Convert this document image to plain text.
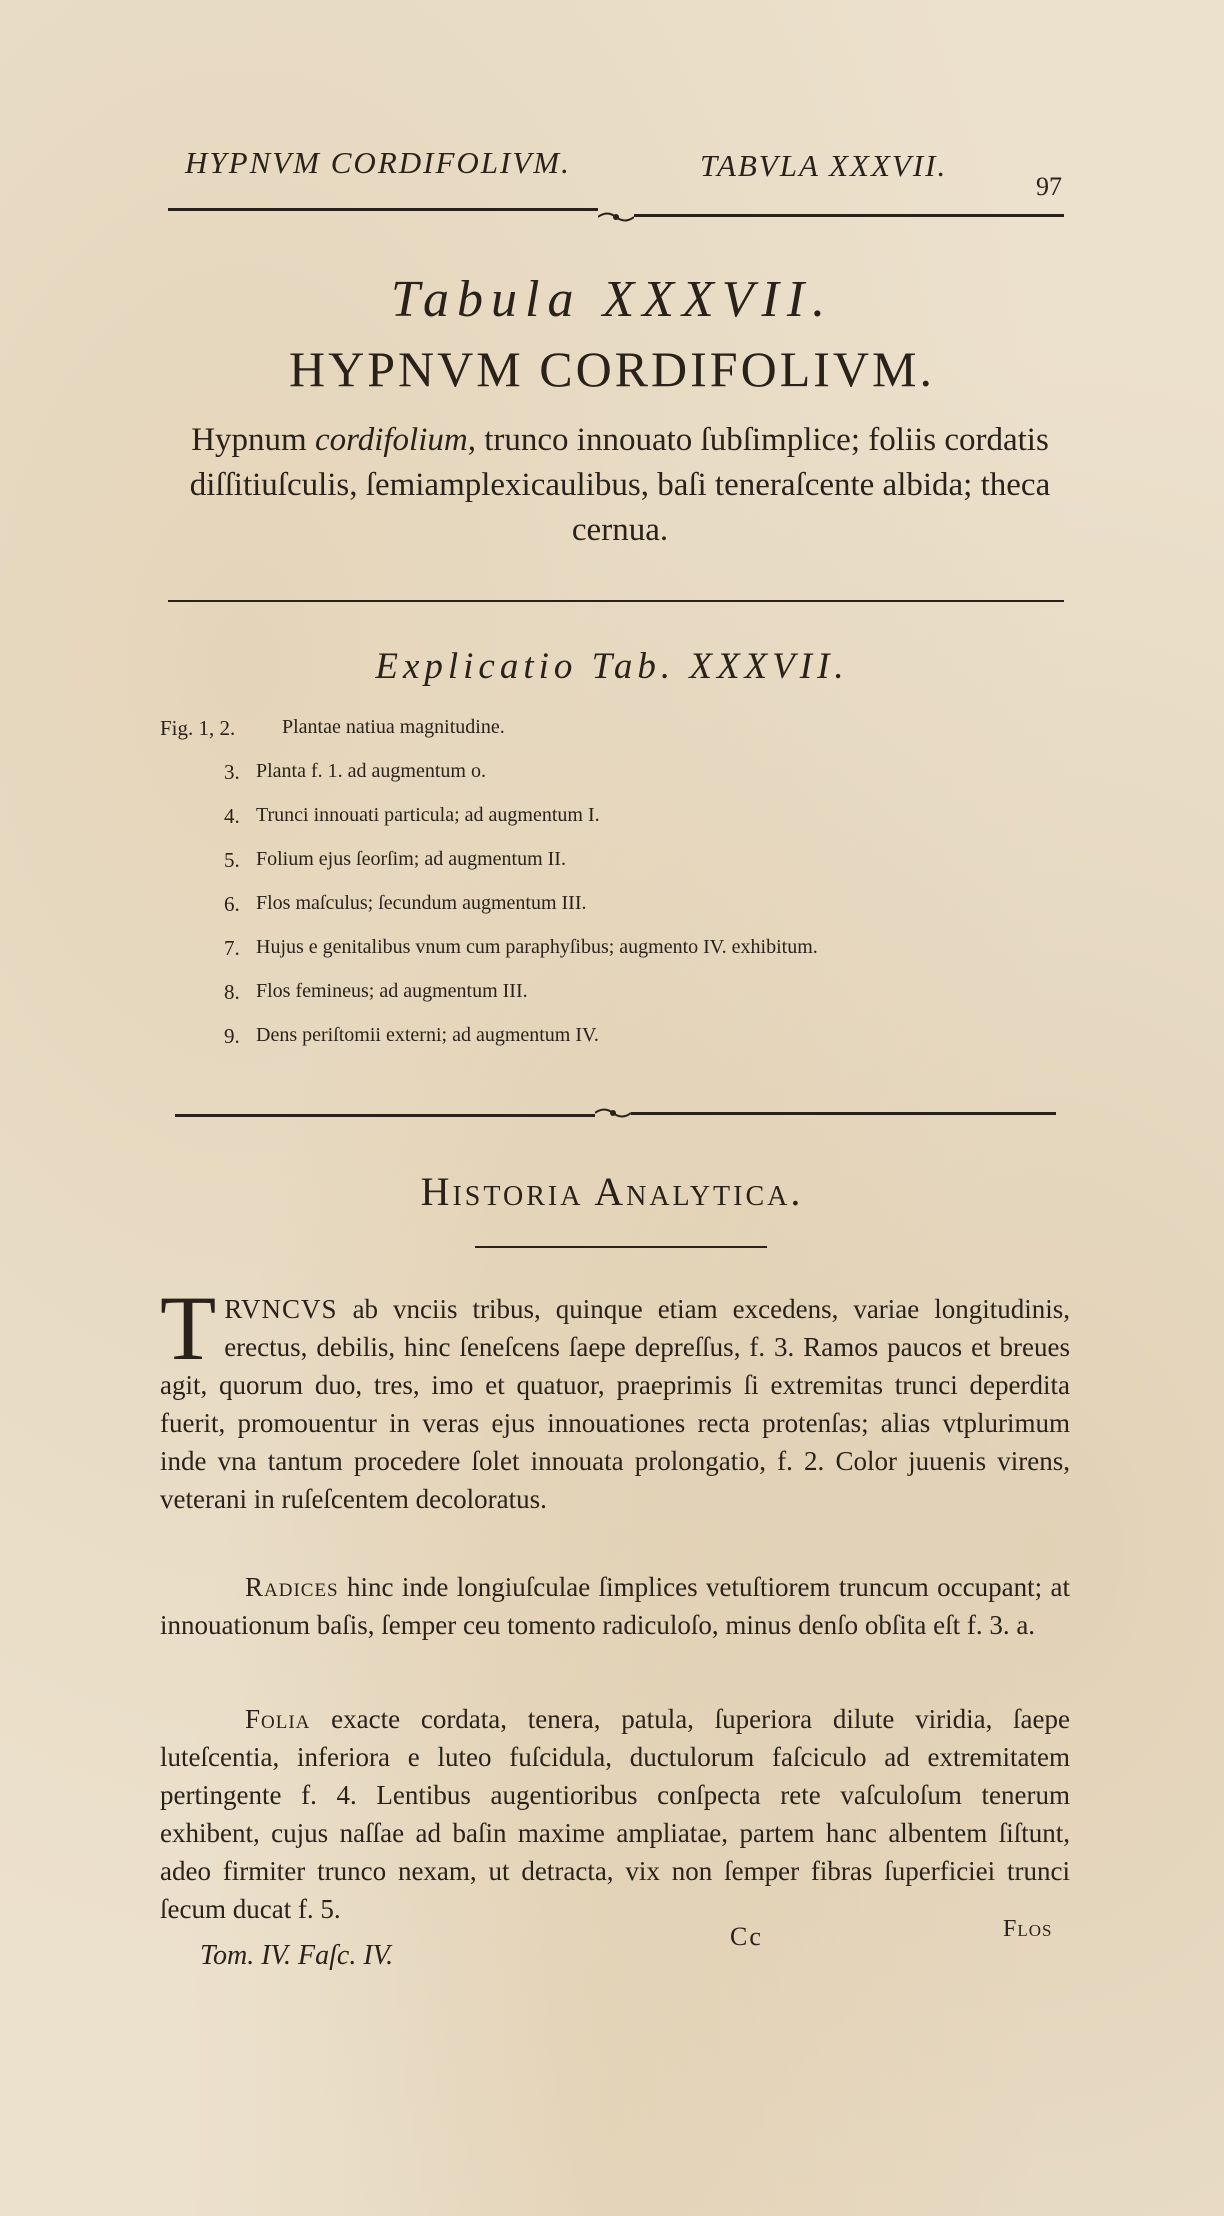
HYPNVM CORDIFOLIVM.	TABVLA XXXVII.
97
Tabula XXXVII.
HYPNVM CORDIFOLIVM.
Hypnum cordifolium, trunco innouato ſubſimplice; foliis cordatis diſſitiuſculis, ſemiamplexicaulibus, baſi teneraſcente albida; theca cernua.
Explicatio Tab. XXXVII.
Fig. 1, 2. Plantae natiua magnitudine.
3. Planta f. 1. ad augmentum o.
4. Trunci innouati particula; ad augmentum I.
5. Folium ejus ſeorſim; ad augmentum II.
6. Flos maſculus; ſecundum augmentum III.
7. Hujus e genitalibus vnum cum paraphyſibus; augmento IV. exhibitum.
8. Flos femineus; ad augmentum III.
9. Dens periſtomii externi; ad augmentum IV.
Historia Analytica.
TRVNCVS ab vnciis tribus, quinque etiam excedens, variae longitudinis, erectus, debilis, hinc ſeneſcens ſaepe depreſſus, f. 3. Ramos paucos et breues agit, quorum duo, tres, imo et quatuor, praeprimis ſi extremitas trunci deperdita fuerit, promouentur in veras ejus innouationes recta protenſas; alias vtplurimum inde vna tantum procedere ſolet innouata prolongatio, f. 2. Color juuenis virens, veterani in ruſeſcentem decoloratus.
Radices hinc inde longiuſculae ſimplices vetuſtiorem truncum occupant; at innouationum baſis, ſemper ceu tomento radiculoſo, minus denſo obſita eſt f. 3. a.
Folia exacte cordata, tenera, patula, ſuperiora dilute viridia, ſaepe luteſcentia, inferiora e luteo fuſcidula, ductulorum faſciculo ad extremitatem pertingente f. 4. Lentibus augentioribus conſpecta rete vaſculoſum tenerum exhibent, cujus naſſae ad baſin maxime ampliatae, partem hanc albentem ſiſtunt, adeo firmiter trunco nexam, ut detracta, vix non ſemper fibras ſuperficiei trunci ſecum ducat f. 5.
Tom. IV. Faſc. IV.
Cc	Flos
